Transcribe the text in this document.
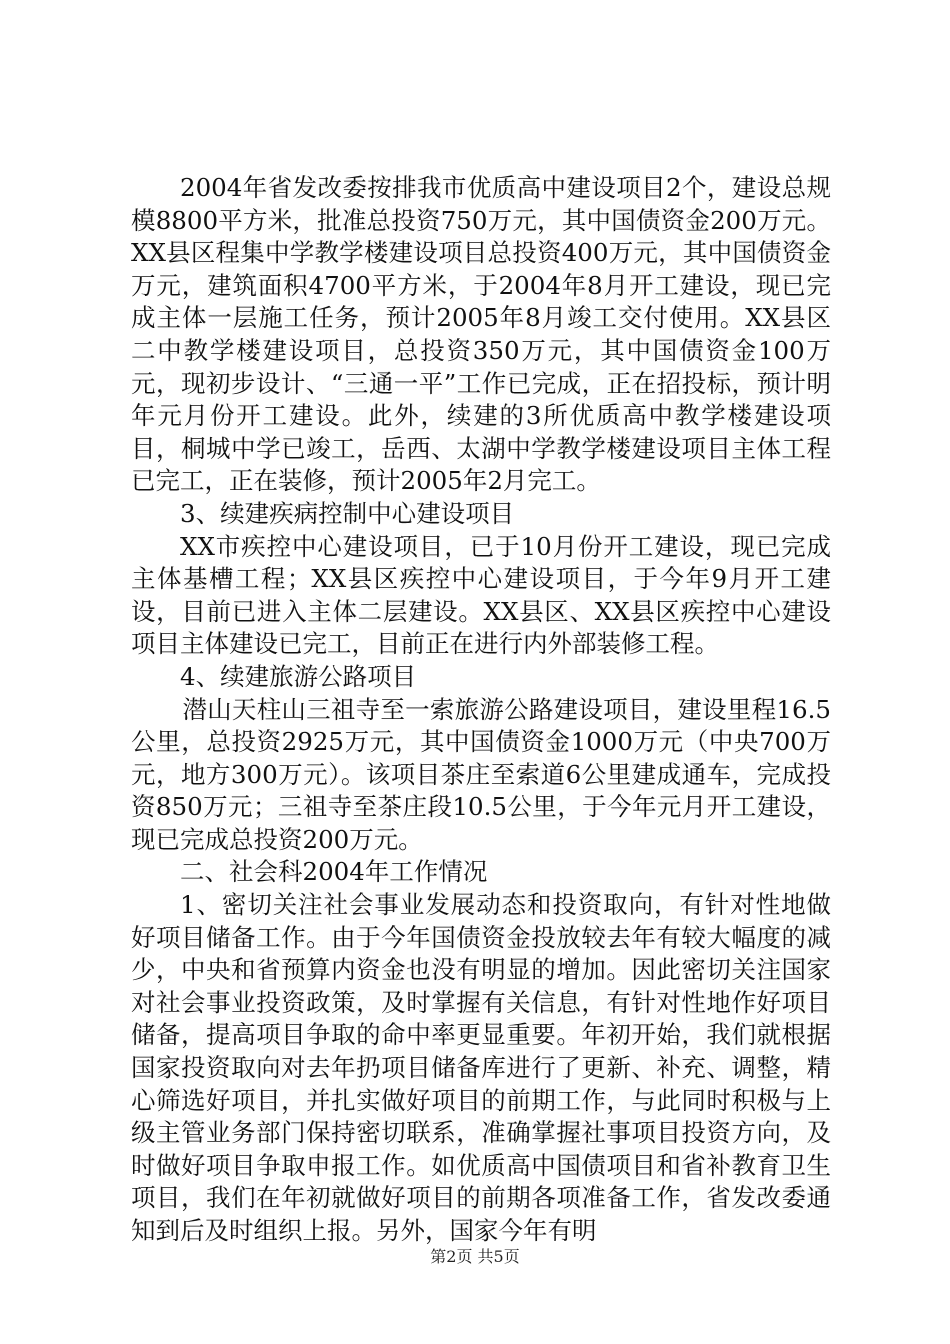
2004年省发改委按排我市优质高中建设项目2个，建设总规模8800平方米，批准总投资750万元，其中国债资金200万元。XX县区程集中学教学楼建设项目总投资400万元，其中国债资金万元，建筑面积4700平方米，于2004年8月开工建设，现已完成主体一层施工任务，预计2005年8月竣工交付使用。XX县区二中教学楼建设项目，总投资350万元，其中国债资金100万元，现初步设计、“三通一平”工作已完成，正在招投标，预计明年元月份开工建设。此外，续建的3所优质高中教学楼建设项目，桐城中学已竣工，岳西、太湖中学教学楼建设项目主体工程已完工，正在装修，预计2005年2月完工。

3、续建疾病控制中心建设项目

XX市疾控中心建设项目，已于10月份开工建设，现已完成主体基槽工程；XX县区疾控中心建设项目，于今年9月开工建设，目前已进入主体二层建设。XX县区、XX县区疾控中心建设项目主体建设已完工，目前正在进行内外部装修工程。

4、续建旅游公路项目

潜山天柱山三祖寺至一索旅游公路建设项目，建设里程16.5公里，总投资2925万元，其中国债资金1000万元（中央700万元，地方300万元）。该项目茶庄至索道6公里建成通车，完成投资850万元；三祖寺至茶庄段10.5公里，于今年元月开工建设，现已完成总投资200万元。

二、社会科2004年工作情况

1、密切关注社会事业发展动态和投资取向，有针对性地做好项目储备工作。由于今年国债资金投放较去年有较大幅度的减少，中央和省预算内资金也没有明显的增加。因此密切关注国家对社会事业投资政策，及时掌握有关信息，有针对性地作好项目储备，提高项目争取的命中率更显重要。年初开始，我们就根据国家投资取向对去年扔项目储备库进行了更新、补充、调整，精心筛选好项目，并扎实做好项目的前期工作，与此同时积极与上级主管业务部门保持密切联系，准确掌握社事项目投资方向，及时做好项目争取申报工作。如优质高中国债项目和省补教育卫生项目，我们在年初就做好项目的前期各项准备工作，省发改委通知到后及时组织上报。另外，国家今年有明

第2页 共5页
